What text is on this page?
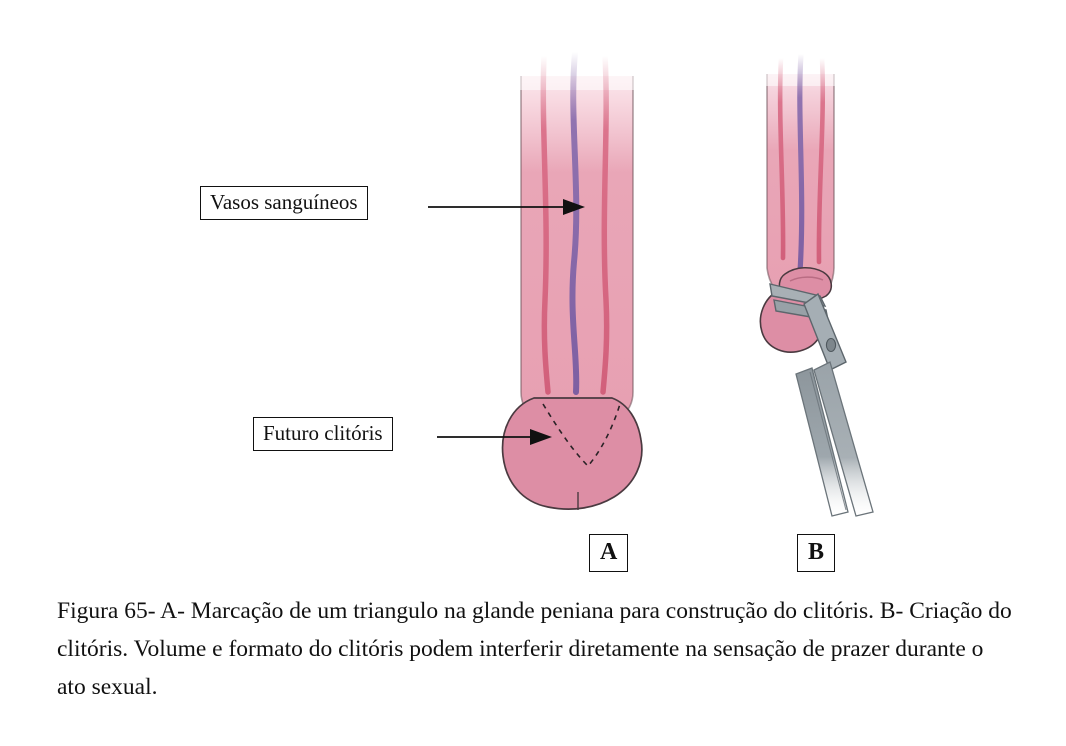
Vasos sanguíneos
Futuro clitóris
A	B
Figura 65- A- Marcação de um triangulo na glande peniana para construção do clitóris. B- Criação do clitóris. Volume e formato do clitóris podem interferir diretamente na sensação de prazer durante o ato sexual.
